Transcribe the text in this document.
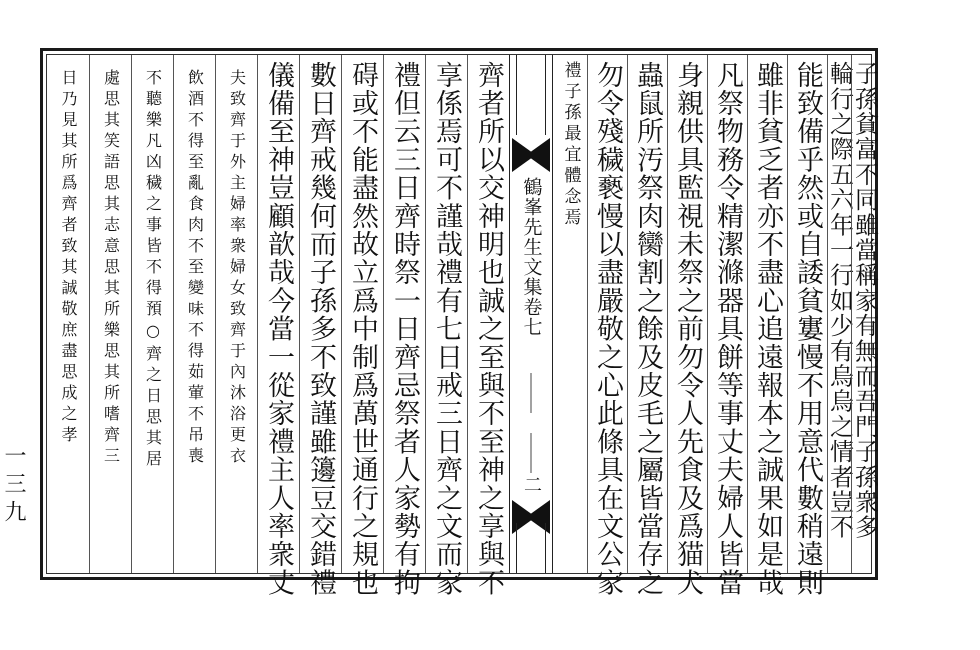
日乃見其所爲齊者致其誠敬庶盡思成之孝 處思其笑語思其志意思其所樂思其所嗜齊三 不聽樂凡凶穢之事皆不得預○齊之日思其居 飲酒不得至亂食肉不至變味不得茹葷不吊喪 夫致齊于外主婦率衆婦女致齊于內沐浴更衣 儀備至神豈顧歆哉今當一從家禮主人率衆丈 數日齊戒幾何而子孫多不致謹雖籩豆交錯禮 碍或不能盡然故立爲中制爲萬世通行之規也 禮但云三日齊時祭一日齊忌祭者人家勢有拘 享係焉可不謹哉禮有七日戒三日齊之文而家 齊者所以交神明也誠之至與不至神之享與不 鶴峯先生文集卷七
二
禮子孫最宜體念焉 勿令殘穢褻慢以盡嚴敬之心此條具在文公家 蟲鼠所汚祭肉臠割之餘及皮毛之屬皆當存之 身親供具監視未祭之前勿令人先食及爲猫犬 凡祭物務令精潔滌器具餅等事丈夫婦人皆當 雖非貧乏者亦不盡心追遠報本之誠果如是哉 能致備乎然或自諉貧寠慢不用意代數稍遠則 輪行之際五六年一行如少有烏烏之情者豈不
子孫貧富不同雖當稱家有無而吾門子孫衆多
一三九
